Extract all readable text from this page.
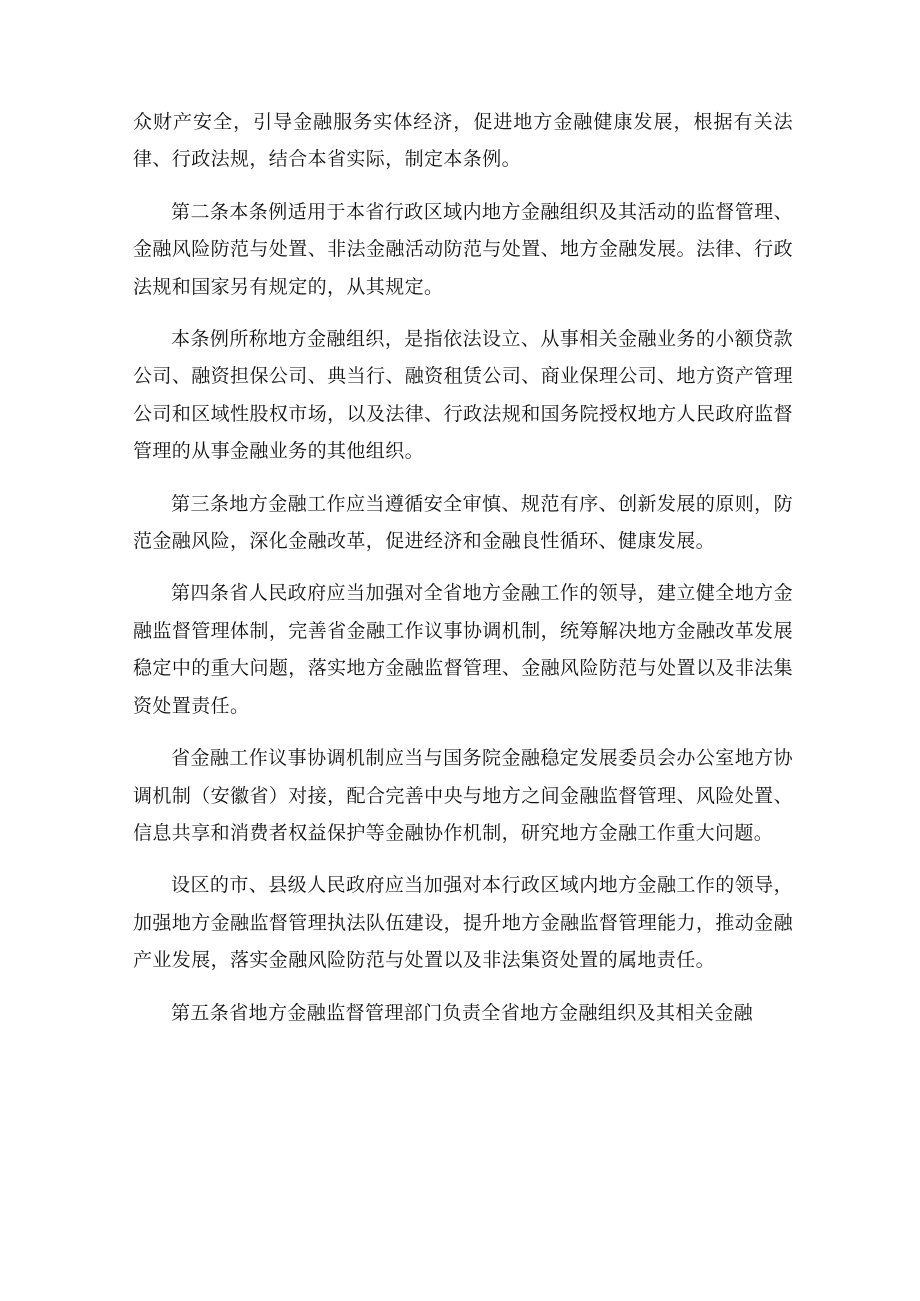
众财产安全，引导金融服务实体经济，促进地方金融健康发展，根据有关法律、行政法规，结合本省实际，制定本条例。

第二条本条例适用于本省行政区域内地方金融组织及其活动的监督管理、金融风险防范与处置、非法金融活动防范与处置、地方金融发展。法律、行政法规和国家另有规定的，从其规定。

本条例所称地方金融组织，是指依法设立、从事相关金融业务的小额贷款公司、融资担保公司、典当行、融资租赁公司、商业保理公司、地方资产管理公司和区域性股权市场，以及法律、行政法规和国务院授权地方人民政府监督管理的从事金融业务的其他组织。

第三条地方金融工作应当遵循安全审慎、规范有序、创新发展的原则，防范金融风险，深化金融改革，促进经济和金融良性循环、健康发展。

第四条省人民政府应当加强对全省地方金融工作的领导，建立健全地方金融监督管理体制，完善省金融工作议事协调机制，统筹解决地方金融改革发展稳定中的重大问题，落实地方金融监督管理、金融风险防范与处置以及非法集资处置责任。

省金融工作议事协调机制应当与国务院金融稳定发展委员会办公室地方协调机制（安徽省）对接，配合完善中央与地方之间金融监督管理、风险处置、信息共享和消费者权益保护等金融协作机制，研究地方金融工作重大问题。

设区的市、县级人民政府应当加强对本行政区域内地方金融工作的领导，加强地方金融监督管理执法队伍建设，提升地方金融监督管理能力，推动金融产业发展，落实金融风险防范与处置以及非法集资处置的属地责任。

第五条省地方金融监督管理部门负责全省地方金融组织及其相关金融
